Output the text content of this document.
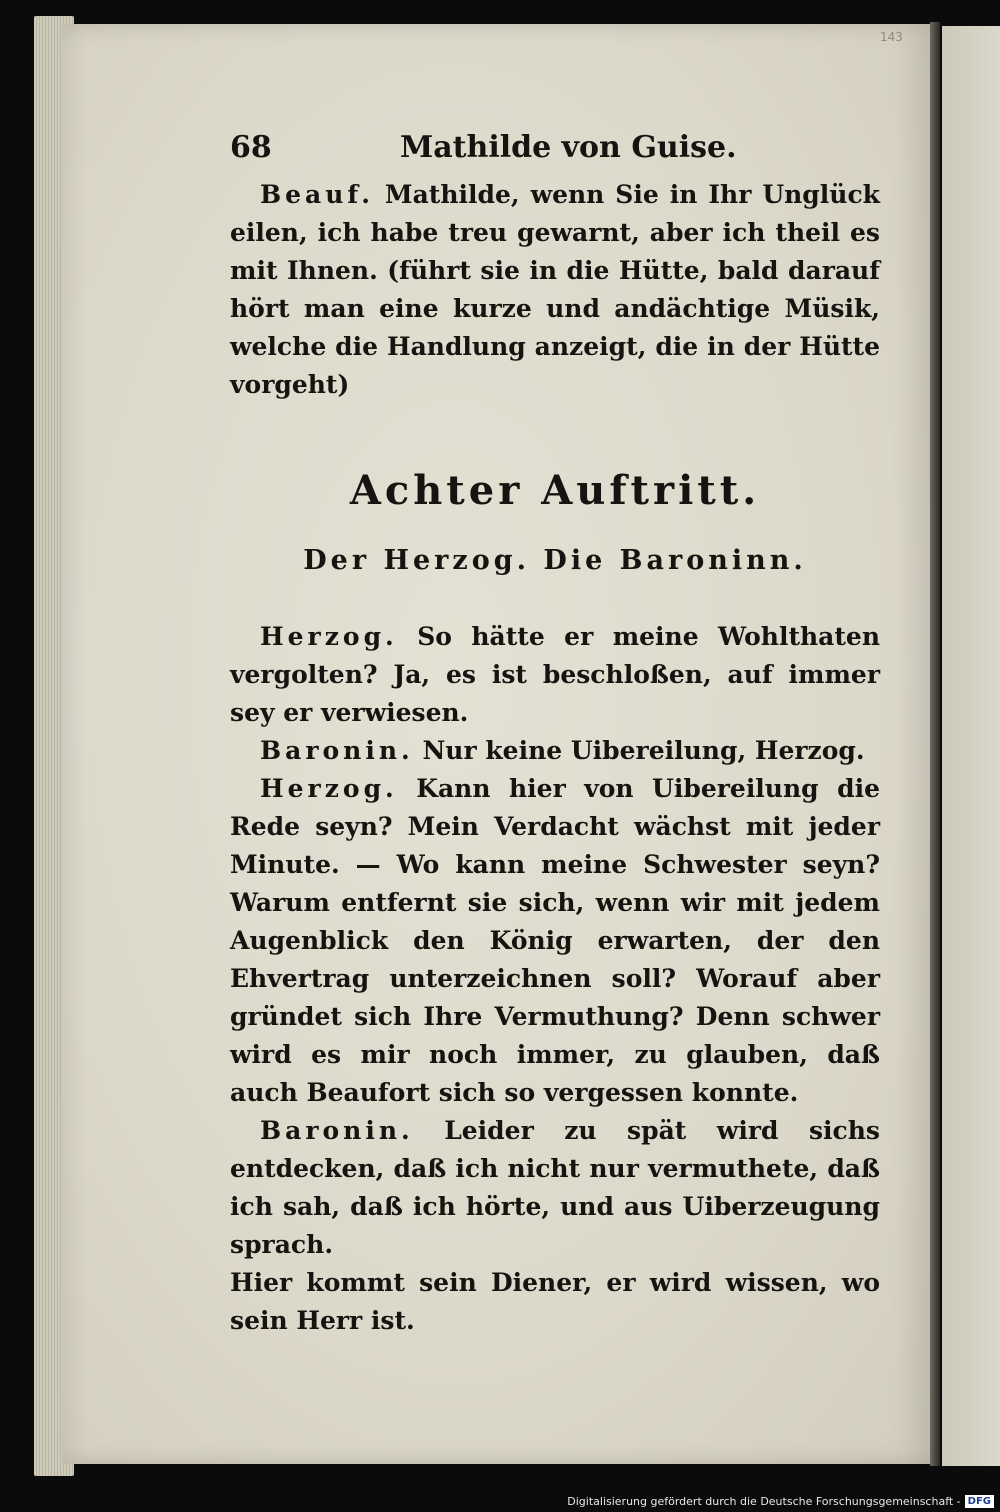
143
68	Mathilde von Guise.

Beauf. Mathilde, wenn Sie in Ihr Unglück eilen, ich habe treu gewarnt, aber ich theil es mit Ihnen. (führt sie in die Hütte, bald darauf hört man eine kurze und andächtige Müsik, welche die Handlung anzeigt, die in der Hütte vorgeht)

Achter Auftritt.
Der Herzog. Die Baroninn.

Herzog. So hätte er meine Wohlthaten vergolten? Ja, es ist beschloßen, auf immer sey er verwiesen.

Baronin. Nur keine Uibereilung, Herzog.

Herzog. Kann hier von Uibereilung die Rede seyn? Mein Verdacht wächst mit jeder Minute. — Wo kann meine Schwester seyn? Warum entfernt sie sich, wenn wir mit jedem Augenblick den König erwarten, der den Ehvertrag unterzeichnen soll? Worauf aber gründet sich Ihre Vermuthung? Denn schwer wird es mir noch immer, zu glauben, daß auch Beaufort sich so vergessen konnte.

Baronin. Leider zu spät wird sichs entdecken, daß ich nicht nur vermuthete, daß ich sah, daß ich hörte, und aus Uiberzeugung sprach.

Hier kommt sein Diener, er wird wissen, wo sein Herr ist.

Digitalisierung gefördert durch die Deutsche Forschungsgemeinschaft - DFG
